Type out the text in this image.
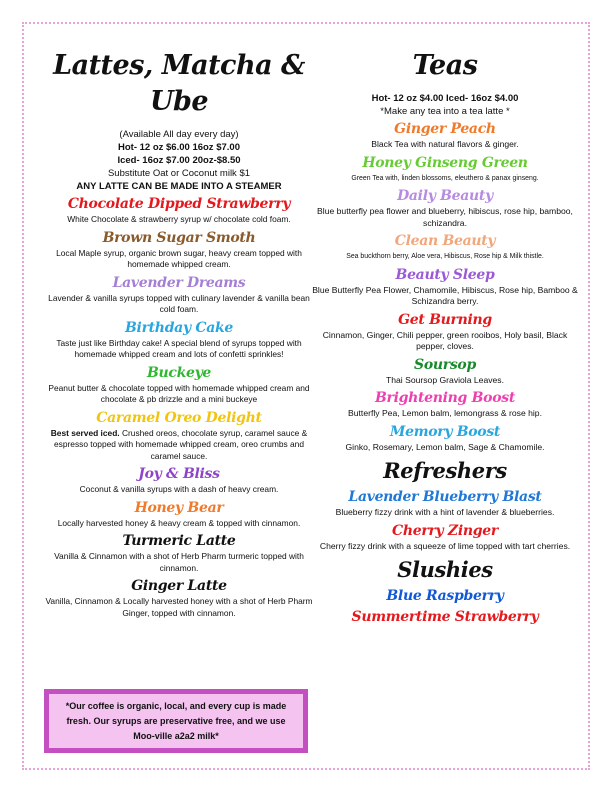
Lattes, Matcha & Ube
(Available All day every day)
Hot- 12 oz $6.00 16oz $7.00
Iced- 16oz $7.00 20oz-$8.50
Substitute Oat or Coconut milk $1
ANY LATTE CAN BE MADE INTO A STEAMER
Chocolate Dipped Strawberry
White Chocolate & strawberry syrup w/ chocolate cold foam.
Brown Sugar Smoth
Local Maple syrup, organic brown sugar, heavy cream topped with homemade whipped cream.
Lavender Dreams
Lavender & vanilla syrups topped with culinary lavender & vanilla bean cold foam.
Birthday Cake
Taste just like Birthday cake! A special blend of syrups topped with homemade whipped cream and lots of confetti sprinkles!
Buckeye
Peanut butter & chocolate topped with homemade whipped cream and chocolate & pb drizzle and a mini buckeye
Caramel Oreo Delight
Best served iced. Crushed oreos, chocolate syrup, caramel sauce & espresso topped with homemade whipped cream, oreo crumbs and caramel sauce.
Joy & Bliss
Coconut & vanilla syrups with a dash of heavy cream.
Honey Bear
Locally harvested honey & heavy cream & topped with cinnamon.
Turmeric Latte
Vanilla & Cinnamon with a shot of Herb Pharm turmeric topped with cinnamon.
Ginger Latte
Vanilla, Cinnamon & Locally harvested honey with a shot of Herb Pharm Ginger, topped with cinnamon.
*Our coffee is organic, local, and every cup is made fresh. Our syrups are preservative free, and we use Moo-ville a2a2 milk*
Teas
Hot- 12 oz $4.00 Iced- 16oz $4.00
*Make any tea into a tea latte *
Ginger Peach
Black Tea with natural flavors & ginger.
Honey Ginseng Green
Green Tea with, linden blossoms, eleuthero & panax ginseng.
Daily Beauty
Blue butterfly pea flower and blueberry, hibiscus, rose hip, bamboo, schizandra.
Clean Beauty
Sea buckthorn berry, Aloe vera, Hibiscus, Rose hip & Milk thistle.
Beauty Sleep
Blue Butterfly Pea Flower, Chamomile, Hibiscus, Rose hip, Bamboo & Schizandra berry.
Get Burning
Cinnamon, Ginger, Chili pepper, green rooibos, Holy basil, Black pepper, cloves.
Soursop
Thai Soursop Graviola Leaves.
Brightening Boost
Butterfly Pea, Lemon balm, lemongrass & rose hip.
Memory Boost
Ginko, Rosemary, Lemon balm, Sage & Chamomile.
Refreshers
Lavender Blueberry Blast
Blueberry fizzy drink with a hint of lavender & blueberries.
Cherry Zinger
Cherry fizzy drink with a squeeze of lime topped with tart cherries.
Slushies
Blue Raspberry
Summertime Strawberry
